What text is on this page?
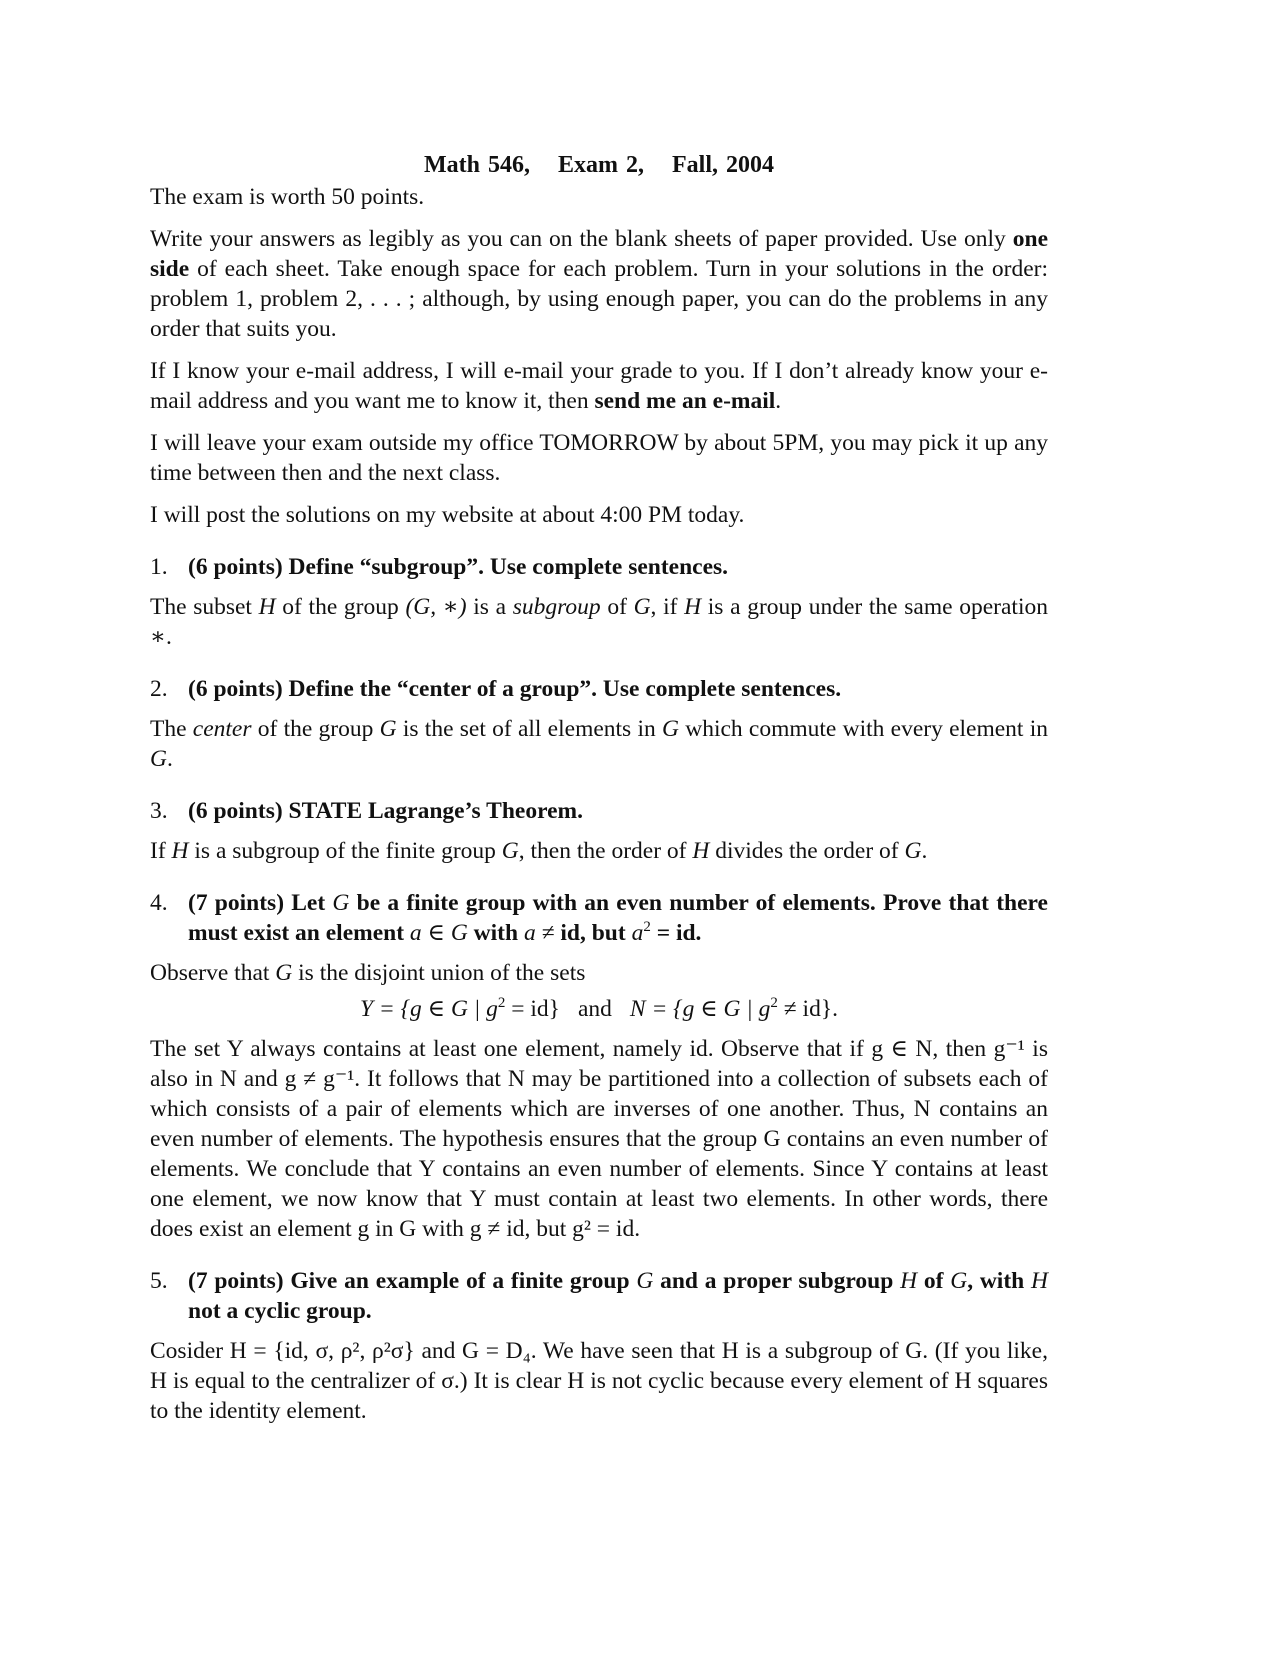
Math 546, Exam 2, Fall, 2004

The exam is worth 50 points.

Write your answers as legibly as you can on the blank sheets of paper provided. Use only one side of each sheet. Take enough space for each problem. Turn in your solutions in the order: problem 1, problem 2, . . . ; although, by using enough paper, you can do the problems in any order that suits you.

If I know your e-mail address, I will e-mail your grade to you. If I don’t already know your e-mail address and you want me to know it, then send me an e-mail.

I will leave your exam outside my office TOMORROW by about 5PM, you may pick it up any time between then and the next class.

I will post the solutions on my website at about 4:00 PM today.

1. (6 points) Define “subgroup”. Use complete sentences.

The subset H of the group (G, ∗) is a subgroup of G, if H is a group under the same operation ∗.

2. (6 points) Define the “center of a group”. Use complete sentences.

The center of the group G is the set of all elements in G which commute with every element in G.

3. (6 points) STATE Lagrange’s Theorem.

If H is a subgroup of the finite group G, then the order of H divides the order of G.

4. (7 points) Let G be a finite group with an even number of elements. Prove that there must exist an element a ∈ G with a ≠ id, but $a^2$ = id.

Observe that G is the disjoint union of the sets

Y = {g ∈ G | $g^2 = id$} and N = {g ∈ G | $g^2 \ne id$}.

The set Y always contains at least one element, namely id. Observe that if g ∈ N, then g⁻¹ is also in N and g ≠ g⁻¹. It follows that N may be partitioned into a collection of subsets each of which consists of a pair of elements which are inverses of one another. Thus, N contains an even number of elements. The hypothesis ensures that the group G contains an even number of elements. We conclude that Y contains an even number of elements. Since Y contains at least one element, we now know that Y must contain at least two elements. In other words, there does exist an element g in G with g ≠ id, but g² = id.

5. (7 points) Give an example of a finite group G and a proper subgroup H of G, with H not a cyclic group.

Cosider H = {id, σ, ρ², ρ²σ} and G = D₄. We have seen that H is a subgroup of G. (If you like, H is equal to the centralizer of σ.) It is clear H is not cyclic because every element of H squares to the identity element.
